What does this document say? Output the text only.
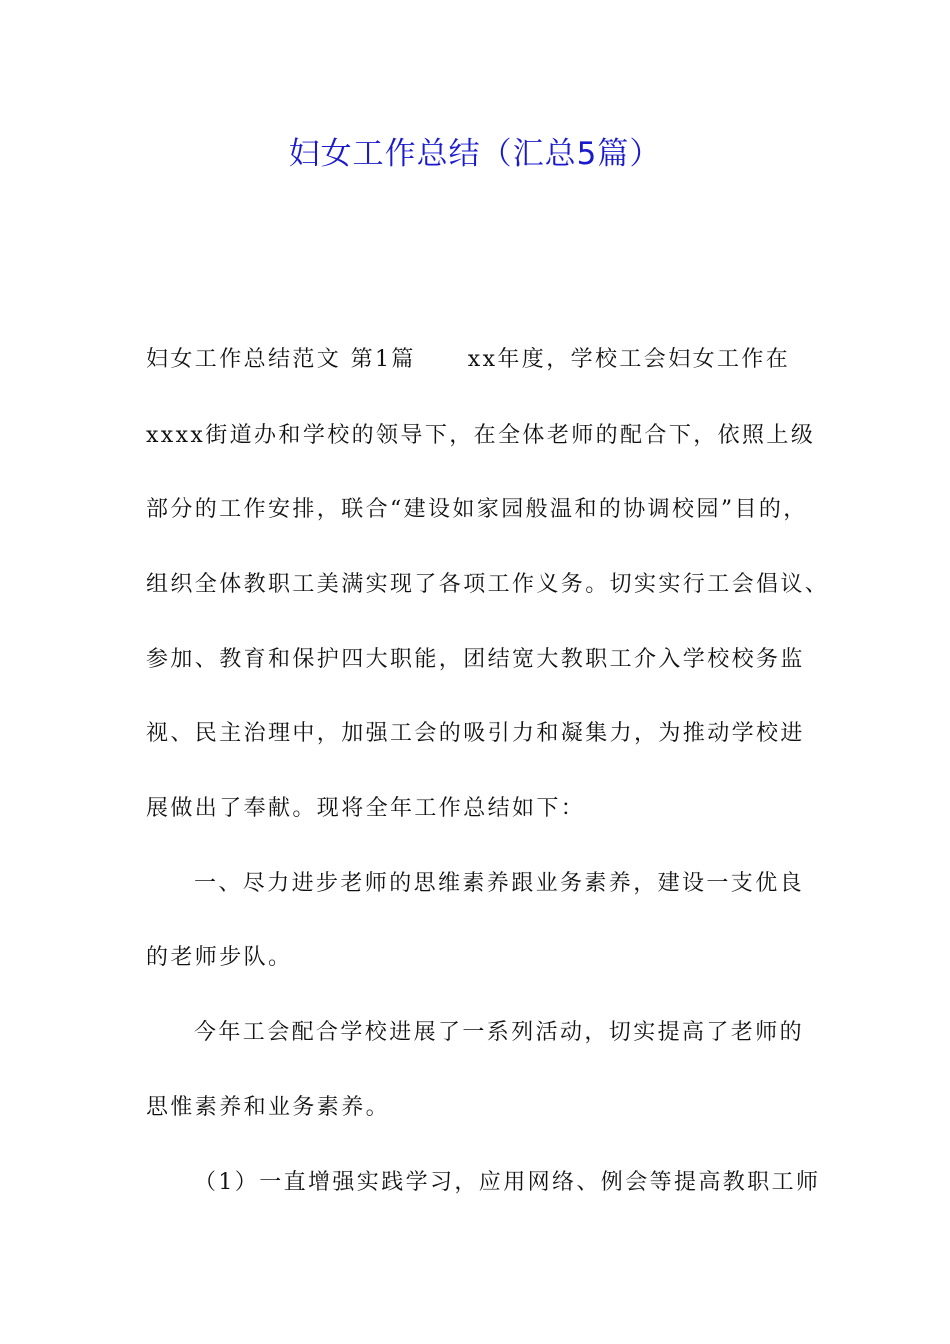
妇女工作总结（汇总5篇）
妇女工作总结范文 第1篇 xx年度，学校工会妇女工作在
xxxx街道办和学校的领导下，在全体老师的配合下，依照上级
部分的工作安排，联合“建设如家园般温和的协调校园”目的，
组织全体教职工美满实现了各项工作义务。切实实行工会倡议、
参加、教育和保护四大职能，团结宽大教职工介入学校校务监
视、民主治理中，加强工会的吸引力和凝集力，为推动学校进
展做出了奉献。现将全年工作总结如下：
一、尽力进步老师的思维素养跟业务素养，建设一支优良
的老师步队。
今年工会配合学校进展了一系列活动，切实提高了老师的
思惟素养和业务素养。
（1）一直增强实践学习，应用网络、例会等提高教职工师
